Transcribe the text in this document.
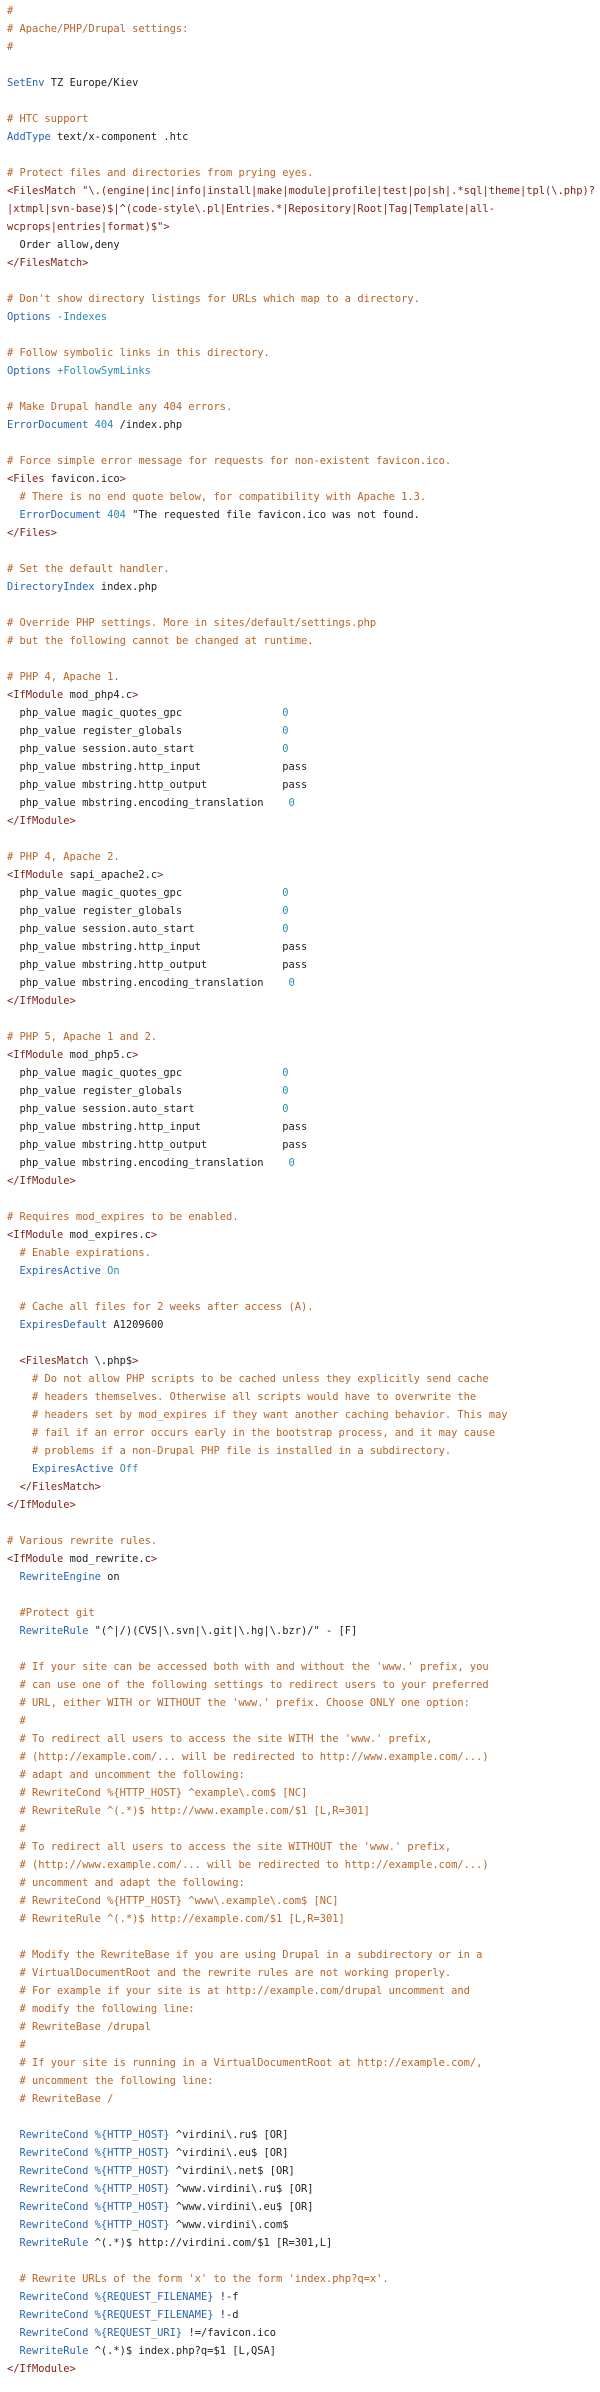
#
# Apache/PHP/Drupal settings:
#
SetEnv TZ Europe/Kiev
# HTC support
AddType text/x-component .htc
# Protect files and directories from prying eyes.
<FilesMatch "\.(engine|inc|info|install|make|module|profile|test|po|sh|.*sql|theme|tpl(\.php)?
|xtmpl|svn-base)$|^(code-style\.pl|Entries.*|Repository|Root|Tag|Template|all-
wcprops|entries|format)$">
Order allow,deny
</FilesMatch>
# Don't show directory listings for URLs which map to a directory.
Options -Indexes
# Follow symbolic links in this directory.
Options +FollowSymLinks
# Make Drupal handle any 404 errors.
ErrorDocument 404 /index.php
# Force simple error message for requests for non-existent favicon.ico.
<Files favicon.ico>
# There is no end quote below, for compatibility with Apache 1.3.
ErrorDocument 404 "The requested file favicon.ico was not found.
</Files>
# Set the default handler.
DirectoryIndex index.php
# Override PHP settings. More in sites/default/settings.php
# but the following cannot be changed at runtime.
# PHP 4, Apache 1.
<IfModule mod_php4.c>
php_value magic_quotes_gpc                0
php_value register_globals                0
php_value session.auto_start              0
php_value mbstring.http_input             pass
php_value mbstring.http_output            pass
php_value mbstring.encoding_translation    0
</IfModule>
# PHP 4, Apache 2.
<IfModule sapi_apache2.c>
php_value magic_quotes_gpc                0
php_value register_globals                0
php_value session.auto_start              0
php_value mbstring.http_input             pass
php_value mbstring.http_output            pass
php_value mbstring.encoding_translation    0
</IfModule>
# PHP 5, Apache 1 and 2.
<IfModule mod_php5.c>
php_value magic_quotes_gpc                0
php_value register_globals                0
php_value session.auto_start              0
php_value mbstring.http_input             pass
php_value mbstring.http_output            pass
php_value mbstring.encoding_translation    0
</IfModule>
# Requires mod_expires to be enabled.
<IfModule mod_expires.c>
# Enable expirations.
ExpiresActive On
# Cache all files for 2 weeks after access (A).
ExpiresDefault A1209600
<FilesMatch \.php$>
# Do not allow PHP scripts to be cached unless they explicitly send cache
# headers themselves. Otherwise all scripts would have to overwrite the
# headers set by mod_expires if they want another caching behavior. This may
# fail if an error occurs early in the bootstrap process, and it may cause
# problems if a non-Drupal PHP file is installed in a subdirectory.
ExpiresActive Off
</FilesMatch>
</IfModule>
# Various rewrite rules.
<IfModule mod_rewrite.c>
RewriteEngine on
#Protect git
RewriteRule "(^|/)(CVS|\.svn|\.git|\.hg|\.bzr)/" - [F]
# If your site can be accessed both with and without the 'www.' prefix, you
# can use one of the following settings to redirect users to your preferred
# URL, either WITH or WITHOUT the 'www.' prefix. Choose ONLY one option:
#
# To redirect all users to access the site WITH the 'www.' prefix,
# (http://example.com/... will be redirected to http://www.example.com/...)
# adapt and uncomment the following:
# RewriteCond %{HTTP_HOST} ^example\.com$ [NC]
# RewriteRule ^(.*)$ http://www.example.com/$1 [L,R=301]
#
# To redirect all users to access the site WITHOUT the 'www.' prefix,
# (http://www.example.com/... will be redirected to http://example.com/...)
# uncomment and adapt the following:
# RewriteCond %{HTTP_HOST} ^www\.example\.com$ [NC]
# RewriteRule ^(.*)$ http://example.com/$1 [L,R=301]
# Modify the RewriteBase if you are using Drupal in a subdirectory or in a
# VirtualDocumentRoot and the rewrite rules are not working properly.
# For example if your site is at http://example.com/drupal uncomment and
# modify the following line:
# RewriteBase /drupal
#
# If your site is running in a VirtualDocumentRoot at http://example.com/,
# uncomment the following line:
# RewriteBase /
RewriteCond %{HTTP_HOST} ^virdini\.ru$ [OR]
RewriteCond %{HTTP_HOST} ^virdini\.eu$ [OR]
RewriteCond %{HTTP_HOST} ^virdini\.net$ [OR]
RewriteCond %{HTTP_HOST} ^www.virdini\.ru$ [OR]
RewriteCond %{HTTP_HOST} ^www.virdini\.eu$ [OR]
RewriteCond %{HTTP_HOST} ^www.virdini\.com$
RewriteRule ^(.*)$ http://virdini.com/$1 [R=301,L]
# Rewrite URLs of the form 'x' to the form 'index.php?q=x'.
RewriteCond %{REQUEST_FILENAME} !-f
RewriteCond %{REQUEST_FILENAME} !-d
RewriteCond %{REQUEST_URI} !=/favicon.ico
RewriteRule ^(.*)$ index.php?q=$1 [L,QSA]
</IfModule>
